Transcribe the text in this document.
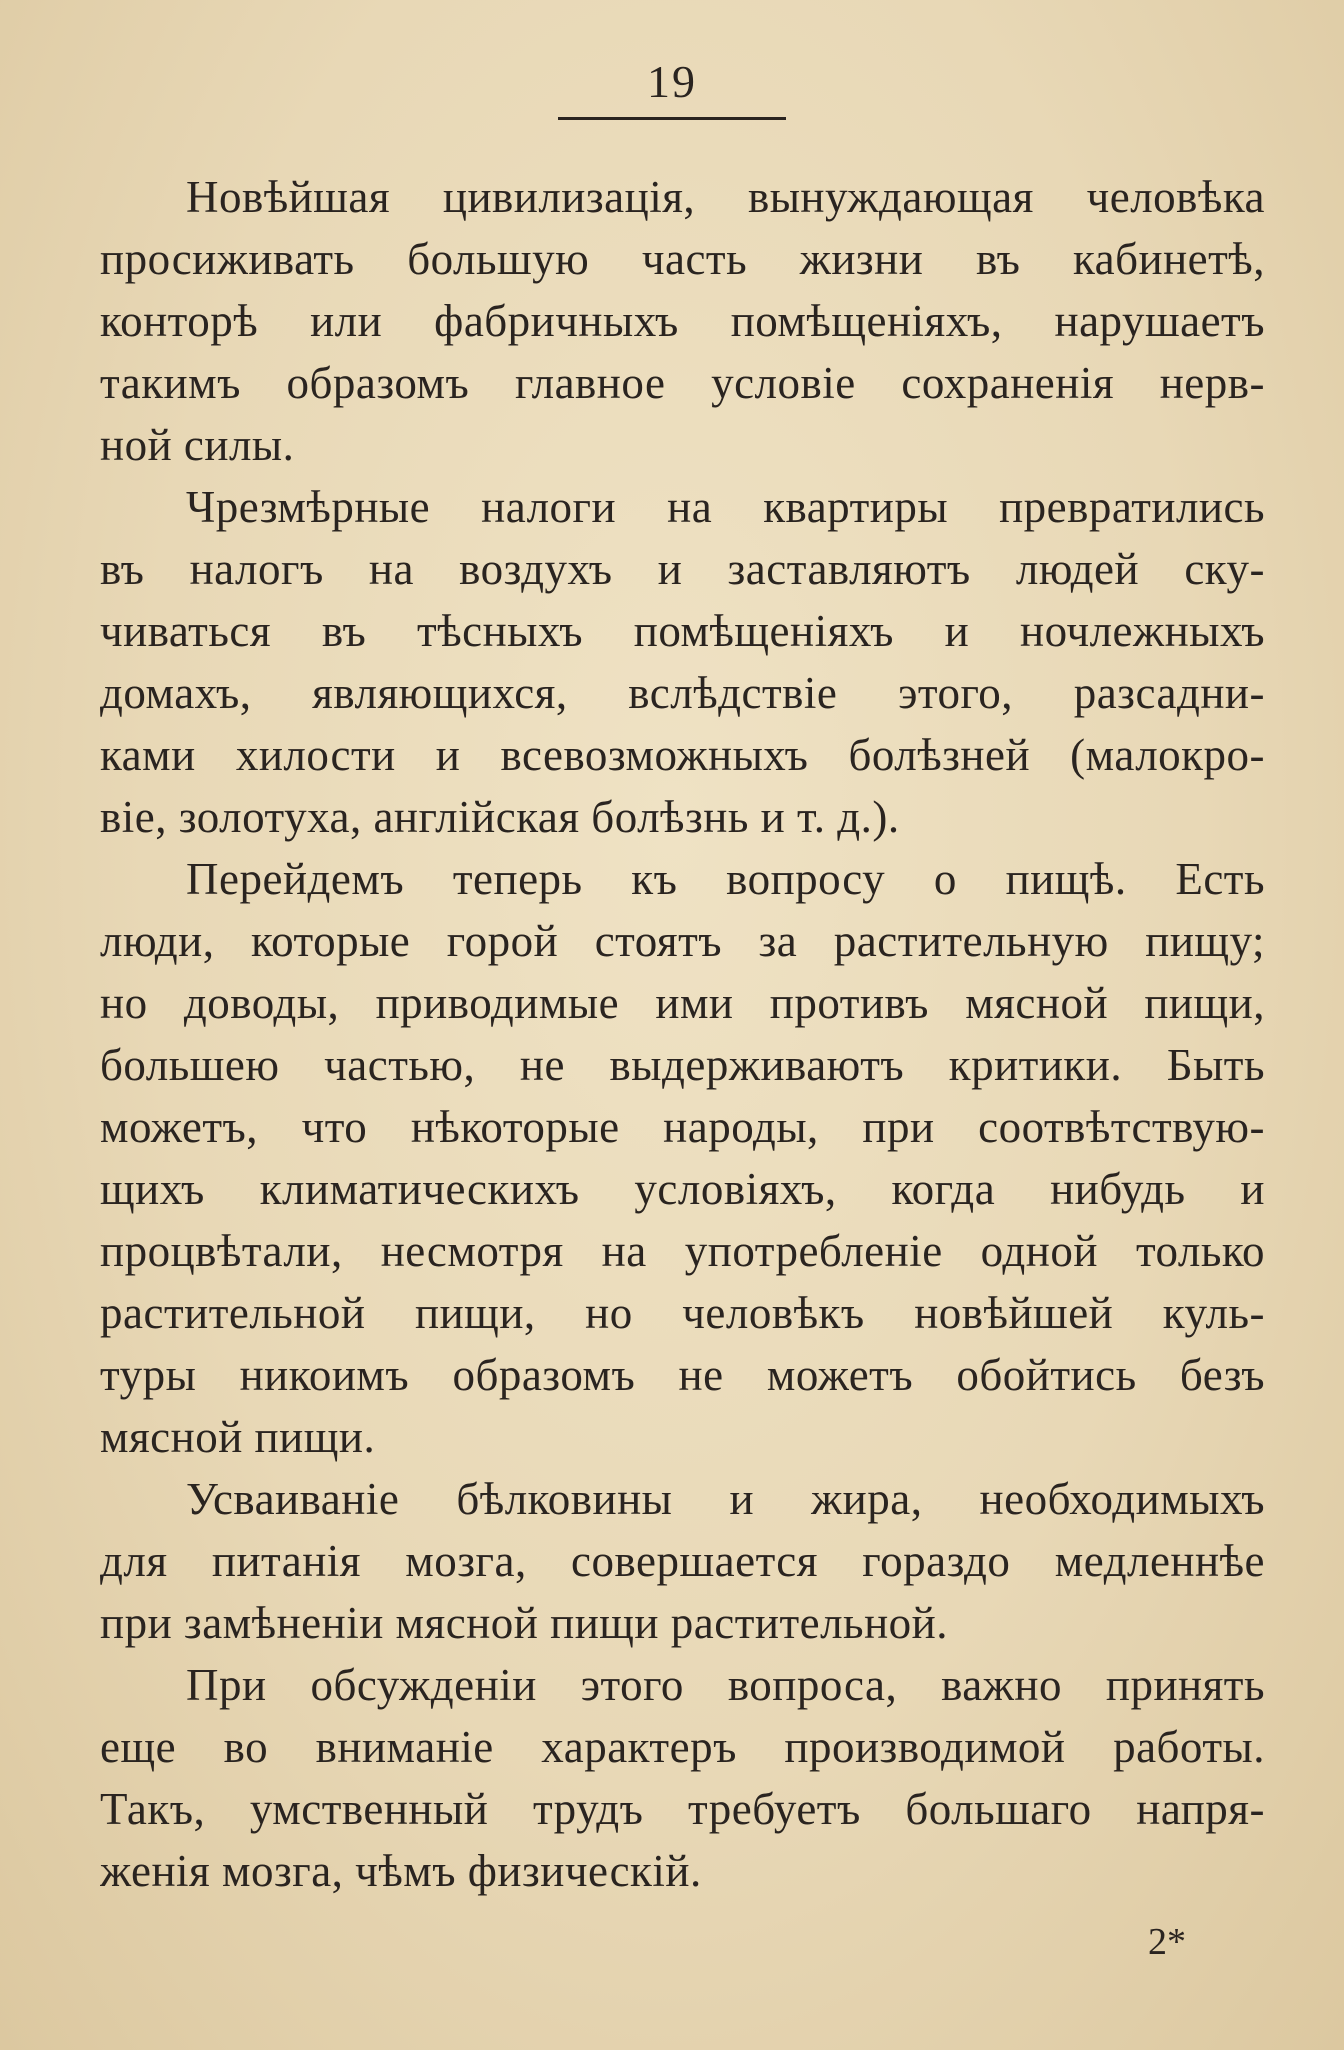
19
Новѣйшая цивилизація, вынуждающая человѣка
просиживать большую часть жизни въ кабинетѣ,
конторѣ или фабричныхъ помѣщеніяхъ, нарушаетъ
такимъ образомъ главное условіе сохраненія нерв-
ной силы.
Чрезмѣрные налоги на квартиры превратились
въ налогъ на воздухъ и заставляютъ людей ску-
чиваться въ тѣсныхъ помѣщеніяхъ и ночлежныхъ
домахъ, являющихся, вслѣдствіе этого, разсадни-
ками хилости и всевозможныхъ болѣзней (малокро-
віе, золотуха, англійская болѣзнь и т. д.).
Перейдемъ теперь къ вопросу о пищѣ. Есть
люди, которые горой стоятъ за растительную пищу;
но доводы, приводимые ими противъ мясной пищи,
большею частью, не выдерживаютъ критики. Быть
можетъ, что нѣкоторые народы, при соотвѣтствую-
щихъ климатическихъ условіяхъ, когда нибудь и
процвѣтали, несмотря на употребленіе одной только
растительной пищи, но человѣкъ новѣйшей куль-
туры никоимъ образомъ не можетъ обойтись безъ
мясной пищи.
Усваиваніе бѣлковины и жира, необходимыхъ
для питанія мозга, совершается гораздо медленнѣе
при замѣненіи мясной пищи растительной.
При обсужденіи этого вопроса, важно принять
еще во вниманіе характеръ производимой работы.
Такъ, умственный трудъ требуетъ большаго напря-
женія мозга, чѣмъ физическій.
2*
